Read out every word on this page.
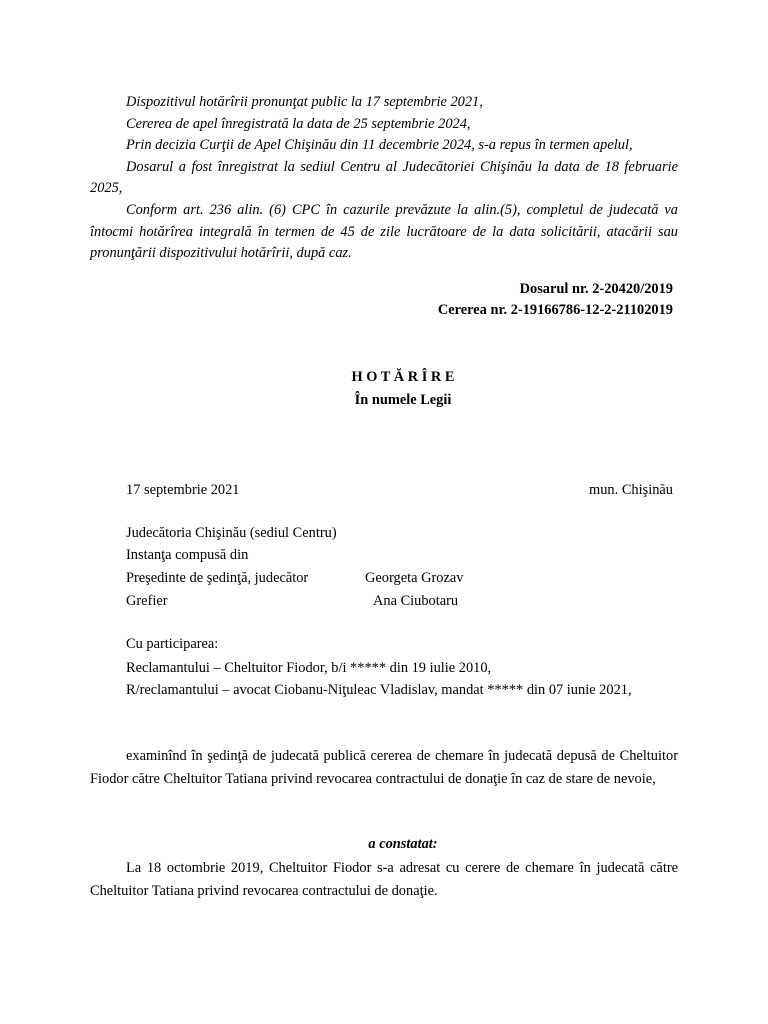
Dispozitivul hotărîrii pronunţat public la 17 septembrie 2021,
Cererea de apel înregistrată la data de 25 septembrie 2024,
Prin decizia Curţii de Apel Chişinău din 11 decembrie 2024, s-a repus în termen apelul,
Dosarul a fost înregistrat la sediul Centru al Judecătoriei Chişinău la data de 18 februarie 2025,
Conform art. 236 alin. (6) CPC în cazurile prevăzute la alin.(5), completul de judecată va întocmi hotărîrea integrală în termen de 45 de zile lucrătoare de la data solicitării, atacării sau pronunţării dispozitivului hotărîrii, după caz.
Dosarul nr. 2-20420/2019
Cererea nr. 2-19166786-12-2-21102019
H O T Ă R Î R E
În numele Legii
17 septembrie 2021	mun. Chişinău
Judecătoria Chişinău (sediul Centru)
Instanţa compusă din
Preşedinte de şedinţă, judecător	Georgeta Grozav
Grefier	Ana Ciubotaru
Cu participarea:
Reclamantului – Cheltuitor Fiodor, b/i ***** din 19 iulie 2010,
R/reclamantului – avocat Ciobanu-Niţuleac Vladislav, mandat ***** din 07 iunie 2021,
examinînd în şedinţă de judecată publică cererea de chemare în judecată depusă de Cheltuitor Fiodor către Cheltuitor Tatiana privind revocarea contractului de donaţie în caz de stare de nevoie,
a constatat:
La 18 octombrie 2019, Cheltuitor Fiodor s-a adresat cu cerere de chemare în judecată către Cheltuitor Tatiana privind revocarea contractului de donaţie.
